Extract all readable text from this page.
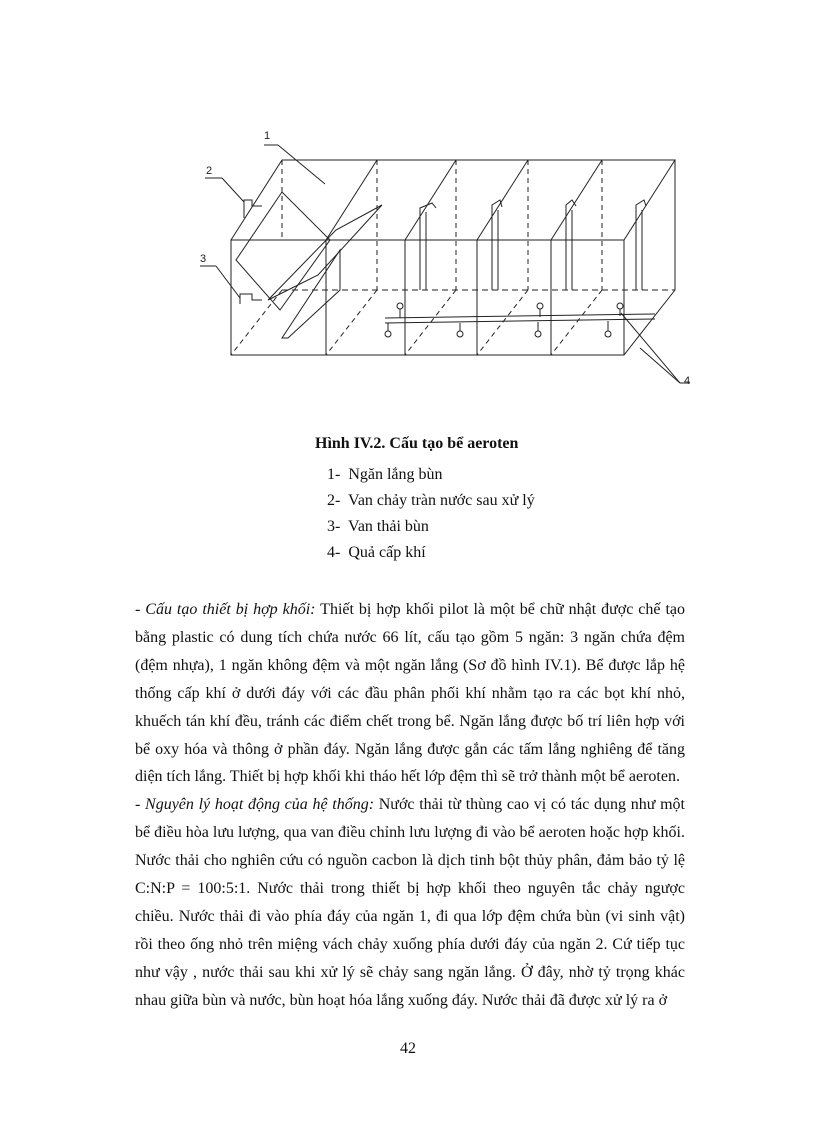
1
2
3
4
Hình IV.2. Cấu tạo bể aeroten
1- Ngăn lắng bùn
2- Van chảy tràn nước sau xử lý
3- Van thải bùn
4- Quả cấp khí

- Cấu tạo thiết bị hợp khối: Thiết bị hợp khối pilot là một bể chữ nhật được chế tạo bằng plastic có dung tích chứa nước 66 lít, cấu tạo gồm 5 ngăn: 3 ngăn chứa đệm (đệm nhựa), 1 ngăn không đệm và một ngăn lắng (Sơ đồ hình IV.1). Bể được lắp hệ thống cấp khí ở dưới đáy với các đầu phân phối khí nhằm tạo ra các bọt khí nhỏ, khuếch tán khí đều, tránh các điểm chết trong bể. Ngăn lắng được bố trí liên hợp với bể oxy hóa và thông ở phần đáy. Ngăn lắng được gắn các tấm lắng nghiêng để tăng diện tích lắng. Thiết bị hợp khối khi tháo hết lớp đệm thì sẽ trở thành một bể aeroten.

- Nguyên lý hoạt động của hệ thống: Nước thải từ thùng cao vị có tác dụng như một bể điều hòa lưu lượng, qua van điều chỉnh lưu lượng đi vào bể aeroten hoặc hợp khối. Nước thải cho nghiên cứu có nguồn cacbon là dịch tinh bột thủy phân, đảm bảo tỷ lệ C:N:P = 100:5:1. Nước thải trong thiết bị hợp khối theo nguyên tắc chảy ngược chiều. Nước thải đi vào phía đáy của ngăn 1, đi qua lớp đệm chứa bùn (vi sinh vật) rồi theo ống nhỏ trên miệng vách chảy xuống phía dưới đáy của ngăn 2. Cứ tiếp tục như vậy , nước thải sau khi xử lý sẽ chảy sang ngăn lắng. Ở đây, nhờ tỷ trọng khác nhau giữa bùn và nước, bùn hoạt hóa lắng xuống đáy. Nước thải đã được xử lý ra ở

42
